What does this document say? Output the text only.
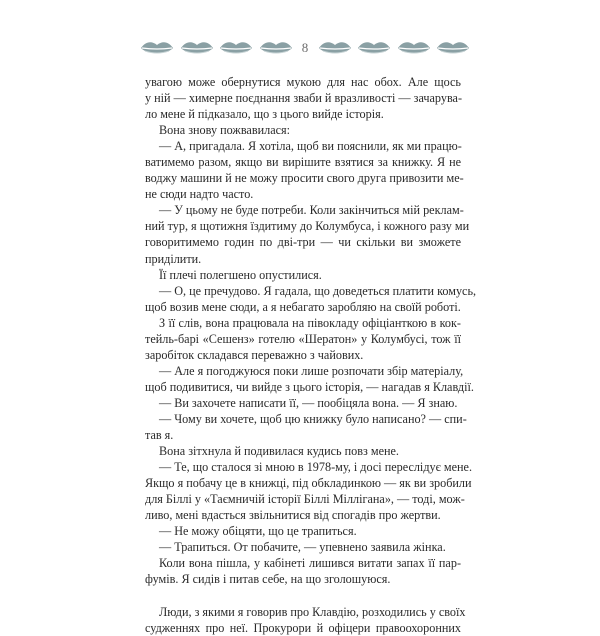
8
увагою може обернутися мукою для нас обох. Але щось
у ній — химерне поєднання зваби й вразливості — зачарува-
ло мене й підказало, що з цього вийде історія.
Вона знову пожвавилася:
— А, пригадала. Я хотіла, щоб ви пояснили, як ми працю-
ватимемо разом, якщо ви вирішите взятися за книжку. Я не
воджу машини й не можу просити свого друга привозити ме-
не сюди надто часто.
— У цьому не буде потреби. Коли закінчиться мій реклам-
ний тур, я щотижня їздитиму до Колумбуса, і кожного разу ми
говоритимемо годин по дві-три — чи скільки ви зможете
приділити.
Її плечі полегшено опустилися.
— О, це пречудово. Я гадала, що доведеться платити комусь,
щоб возив мене сюди, а я небагато заробляю на своїй роботі.
З її слів, вона працювала на півокладу офіціанткою в кок-
тейль-барі «Сешенз» готелю «Шератон» у Колумбусі, тож її
заробіток складався переважно з чайових.
— Але я погоджуюся поки лише розпочати збір матеріалу,
щоб подивитися, чи вийде з цього історія, — нагадав я Клавдії.
— Ви захочете написати її, — пообіцяла вона. — Я знаю.
— Чому ви хочете, щоб цю книжку було написано? — спи-
тав я.
Вона зітхнула й подивилася кудись повз мене.
— Те, що сталося зі мною в 1978-му, і досі переслідує мене.
Якщо я побачу це в книжці, під обкладинкою — як ви зробили
для Біллі у «Таємничій історії Біллі Міллігана», — тоді, мож-
ливо, мені вдасться звільнитися від спогадів про жертви.
— Не можу обіцяти, що це трапиться.
— Трапиться. От побачите, — упевнено заявила жінка.
Коли вона пішла, у кабінеті лишився витати запах її пар-
фумів. Я сидів і питав себе, на що зголошуюся.
Люди, з якими я говорив про Клавдію, розходились у своїх
судженнях про неї. Прокурори й офіцери правоохоронних
